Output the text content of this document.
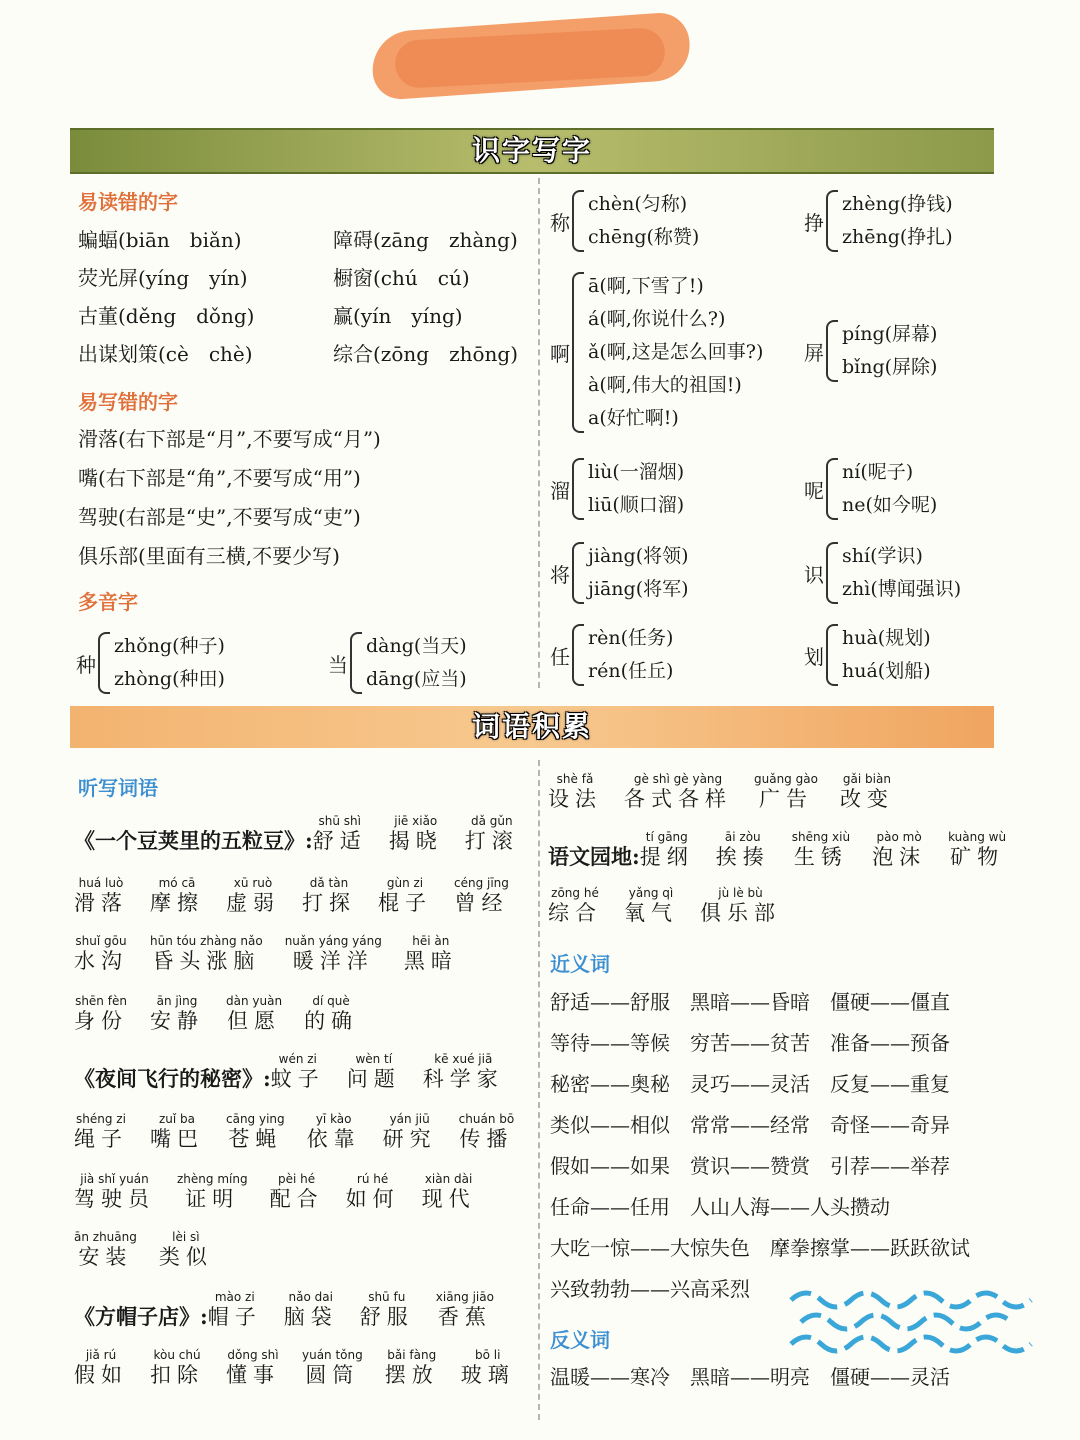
识字写字
易读错的字
蝙蝠(biān　biǎn)
荧光屏(yíng　yín)
古董(děng　dǒng)
出谋划策(cè　chè)
障碍(zāng　zhàng)
橱窗(chú　cú)
赢(yín　yíng)
综合(zōng　zhōng)
易写错的字
滑落(右下部是“月”,不要写成“月”)
嘴(右下部是“角”,不要写成“用”)
驾驶(右部是“史”,不要写成“吏”)
俱乐部(里面有三横,不要少写)
多音字
种
zhǒng(种子)
zhòng(种田)
当
dàng(当天)
dāng(应当)
称
chèn(匀称)
chēng(称赞)
挣
zhèng(挣钱)
zhēng(挣扎)
啊
ā(啊,下雪了!)
á(啊,你说什么?)
ǎ(啊,这是怎么回事?)
à(啊,伟大的祖国!)
a(好忙啊!)
屏
píng(屏幕)
bǐng(屏除)
溜
liù(一溜烟)
liū(顺口溜)
呢
ní(呢子)
ne(如今呢)
将
jiàng(将领)
jiāng(将军)
识
shí(学识)
zhì(博闻强识)
任
rèn(任务)
rén(任丘)
划
huà(规划)
huá(划船)
词语积累
听写词语
《一个豆荚里的五粒豆》:
shū shì
舒适
jiē xiǎo
揭晓
dǎ gǔn
打滚
huá luò
滑落
mó cā
摩擦
xū ruò
虚弱
dǎ tàn
打探
gùn zi
棍子
céng jīng
曾经
shuǐ gōu
水沟
hūn tóu zhàng nǎo
昏头涨脑
nuǎn yáng yáng
暖洋洋
hēi àn
黑暗
shēn fèn
身份
ān jìng
安静
dàn yuàn
但愿
dí què
的确
《夜间飞行的秘密》:
wén zi
蚊子
wèn tí
问题
kē xué jiā
科学家
shéng zi
绳子
zuǐ ba
嘴巴
cāng ying
苍蝇
yī kào
依靠
yán jiū
研究
chuán bō
传播
jià shǐ yuán
驾驶员
zhèng míng
证明
pèi hé
配合
rú hé
如何
xiàn dài
现代
ān zhuāng
安装
lèi sì
类似
《方帽子店》:
mào zi
帽子
nǎo dai
脑袋
shū fu
舒服
xiāng jiāo
香蕉
jiǎ rú
假如
kòu chú
扣除
dǒng shì
懂事
yuán tǒng
圆筒
bǎi fàng
摆放
bō li
玻璃
shè fǎ
设法
gè shì gè yàng
各式各样
guǎng gào
广告
gǎi biàn
改变
语文园地:
tí gāng
提纲
āi zòu
挨揍
shēng xiù
生锈
pào mò
泡沫
kuàng wù
矿物
zōng hé
综合
yǎng qì
氧气
jù lè bù
俱乐部
近义词
舒适——舒服　黑暗——昏暗　僵硬——僵直
等待——等候　穷苦——贫苦　准备——预备
秘密——奥秘　灵巧——灵活　反复——重复
类似——相似　常常——经常　奇怪——奇异
假如——如果　赏识——赞赏　引荐——举荐
任命——任用　人山人海——人头攒动
大吃一惊——大惊失色　摩拳擦掌——跃跃欲试
兴致勃勃——兴高采烈
反义词
温暖——寒冷　黑暗——明亮　僵硬——灵活
